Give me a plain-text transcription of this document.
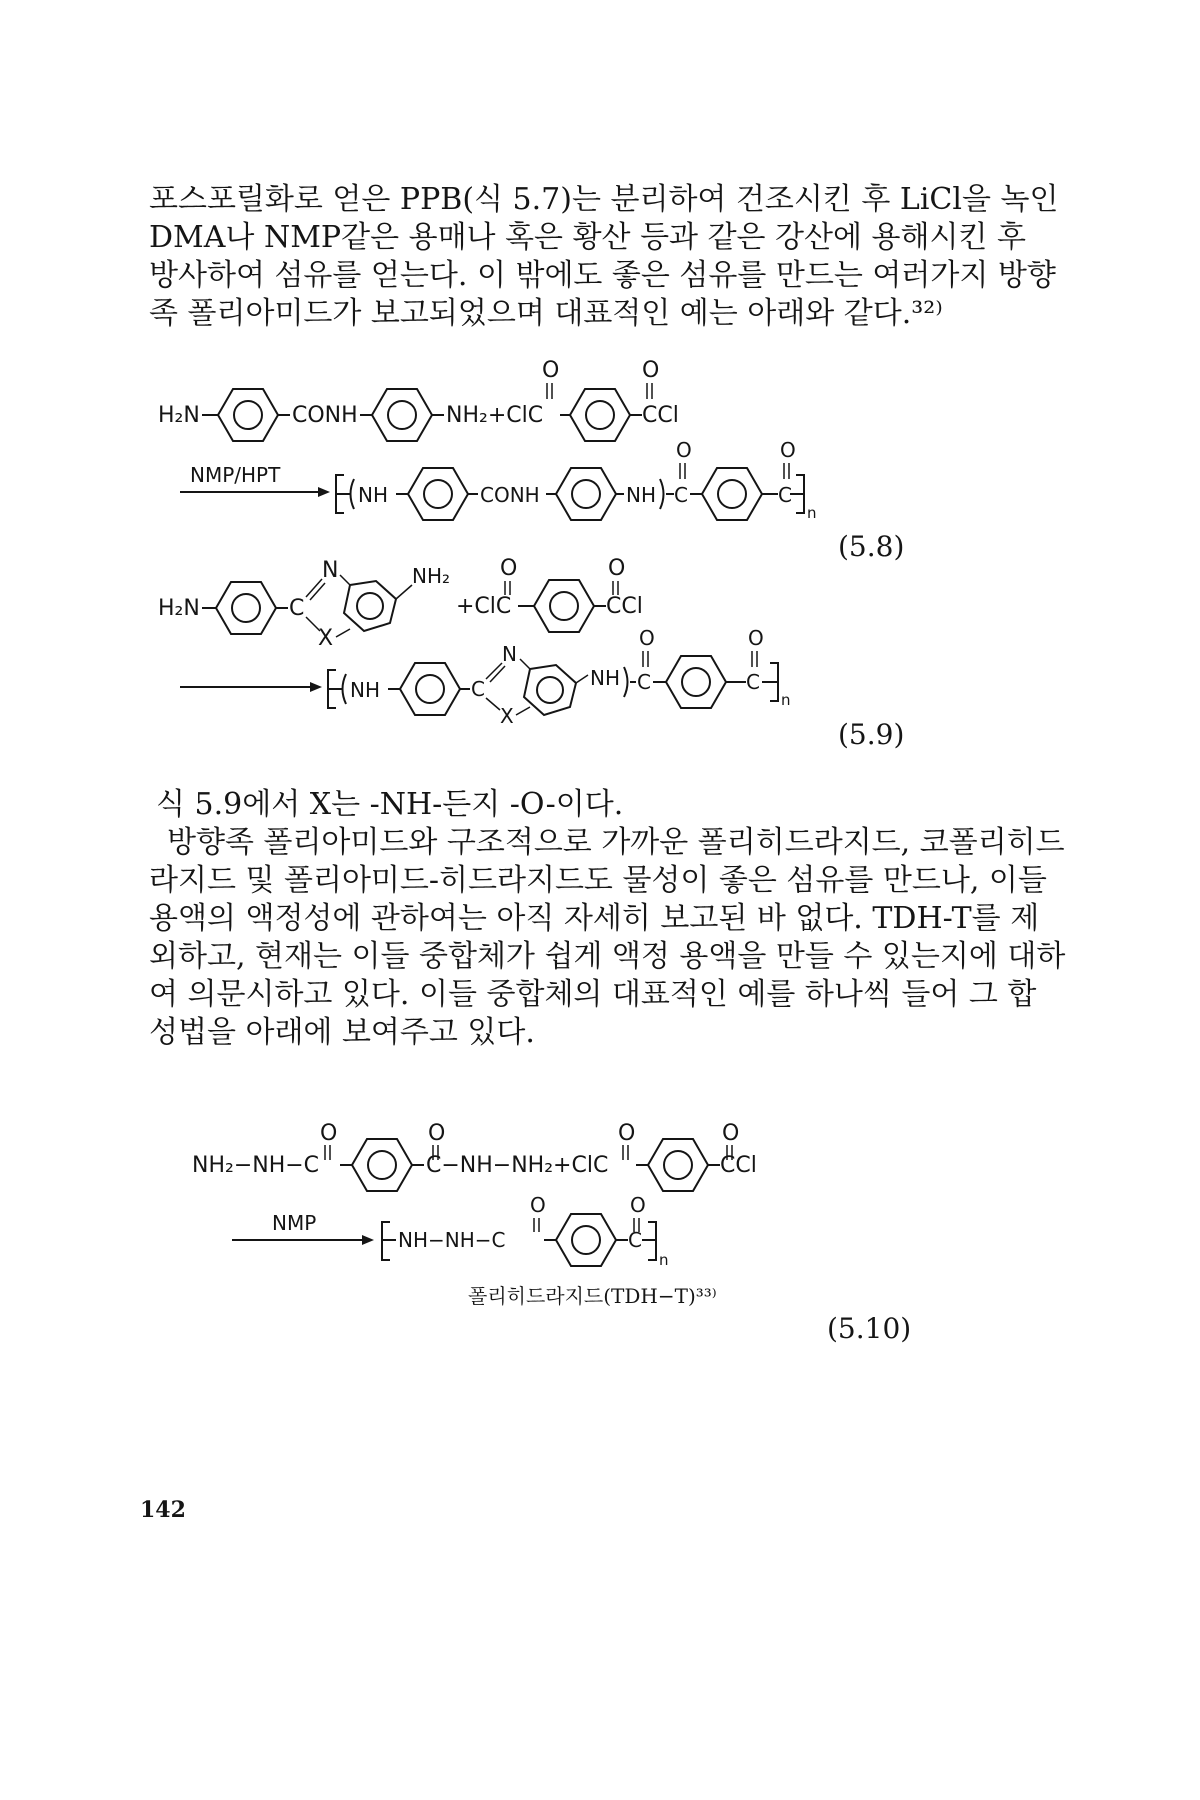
포스포릴화로 얻은 PPB(식 5.7)는 분리하여 건조시킨 후 LiCl을 녹인
DMA나 NMP같은 용매나 혹은 황산 등과 같은 강산에 용해시킨 후
방사하여 섬유를 얻는다. 이 밖에도 좋은 섬유를 만드는 여러가지 방향
족 폴리아미드가 보고되었으며 대표적인 예는 아래와 같다.³²⁾
H₂N	CONH	NH₂+ClC
O
CCl
O
NMP/HPT
NH	CONH	NH C
O
C
O
n
(5.8)
H₂N	C
N
X
NH₂
+ClC
O
CCl
O
NH	C
N
X
NH C
O
C
O
n
(5.9)
식 5.9에서 X는 -NH-든지 -O-이다.
방향족 폴리아미드와 구조적으로 가까운 폴리히드라지드, 코폴리히드
라지드 및 폴리아미드-히드라지드도 물성이 좋은 섬유를 만드나, 이들
용액의 액정성에 관하여는 아직 자세히 보고된 바 없다. TDH-T를 제
외하고, 현재는 이들 중합체가 쉽게 액정 용액을 만들 수 있는지에 대하
여 의문시하고 있다. 이들 중합체의 대표적인 예를 하나씩 들어 그 합
성법을 아래에 보여주고 있다.
NH₂−NH−C
O
C−NH−NH₂+ClC
O	O
CCl
O
NMP
NH−NH−C
O
C
O
n
폴리히드라지드(TDH−T)³³⁾
(5.10)
142
